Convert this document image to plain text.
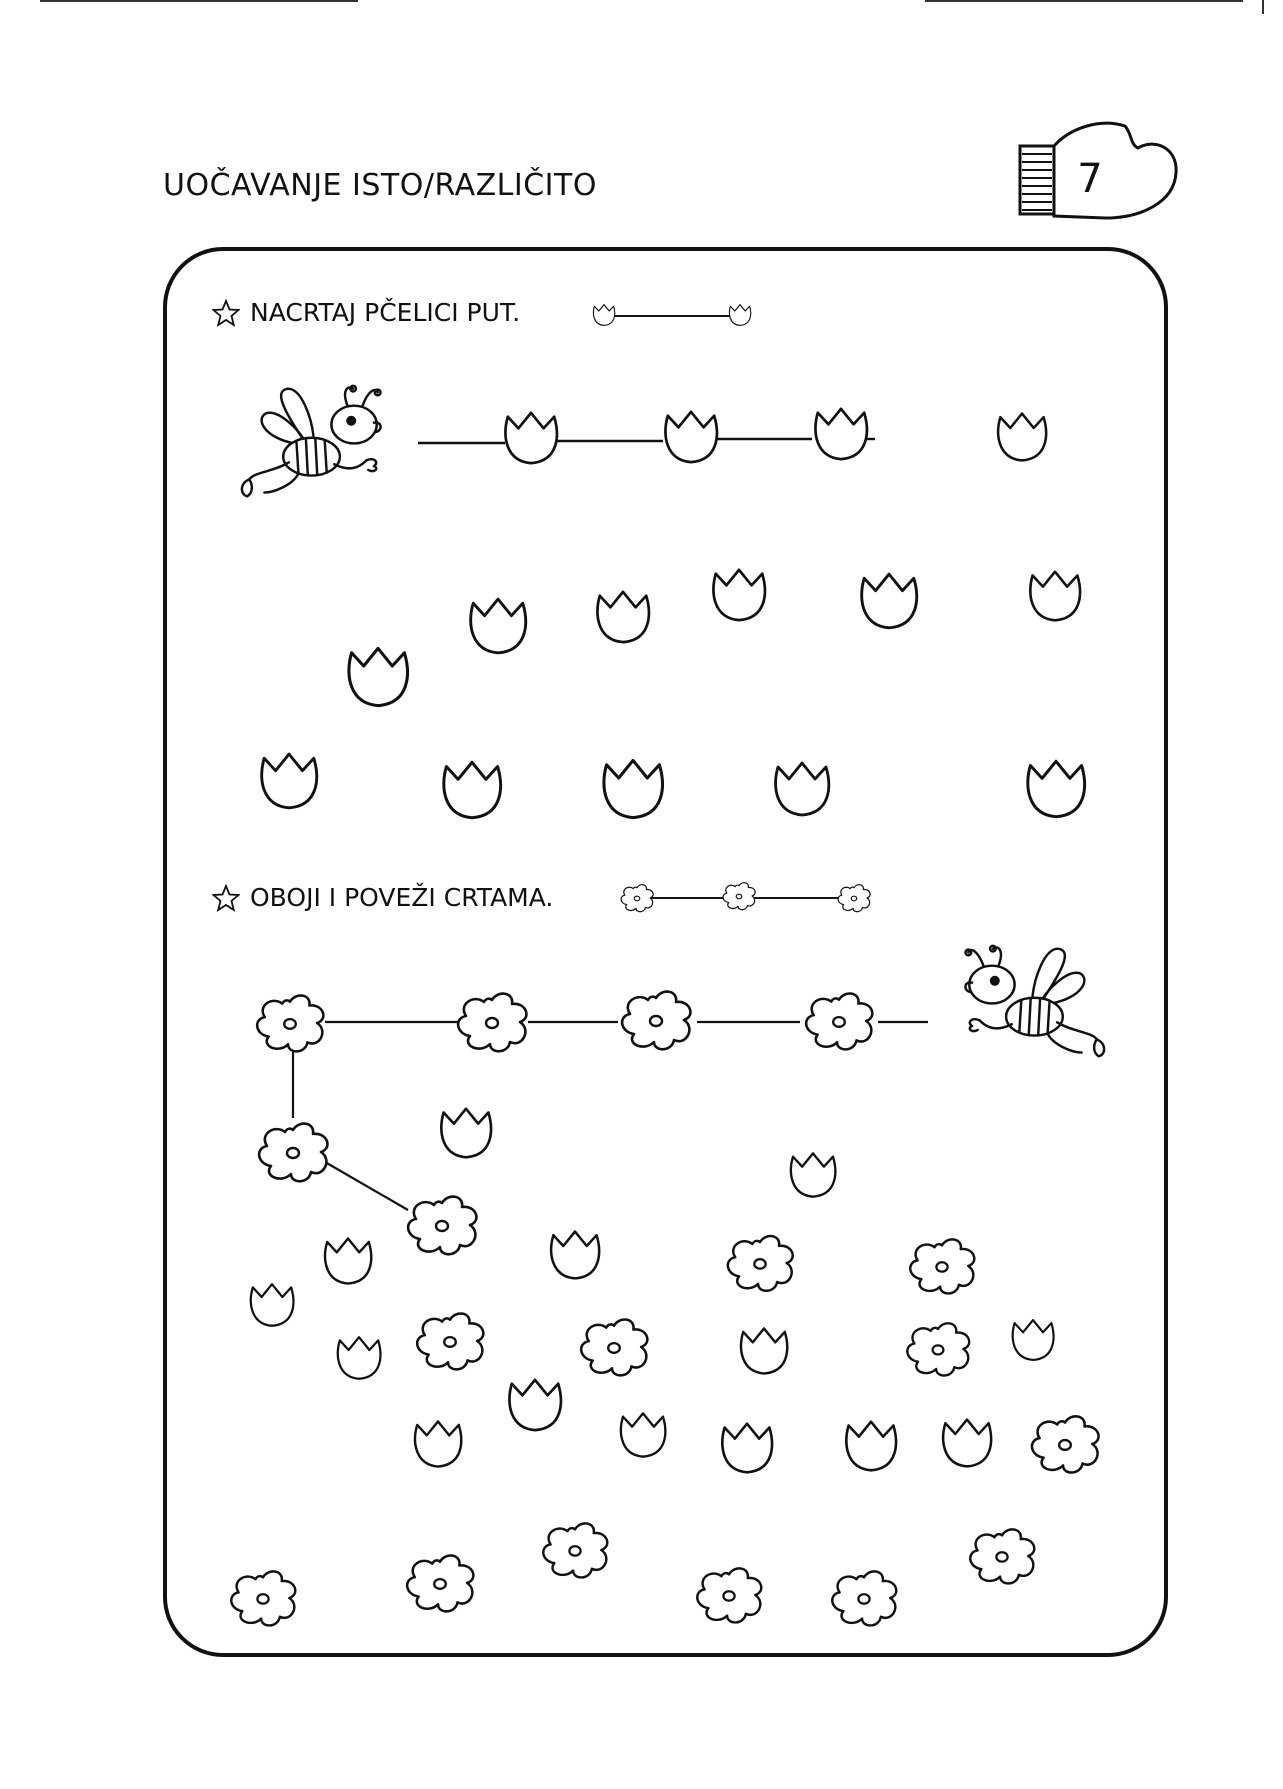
UOČAVANJE ISTO/RAZLIČITO	7
NACRTAJ PČELICI PUT.
OBOJI I POVEŽI CRTAMA.
